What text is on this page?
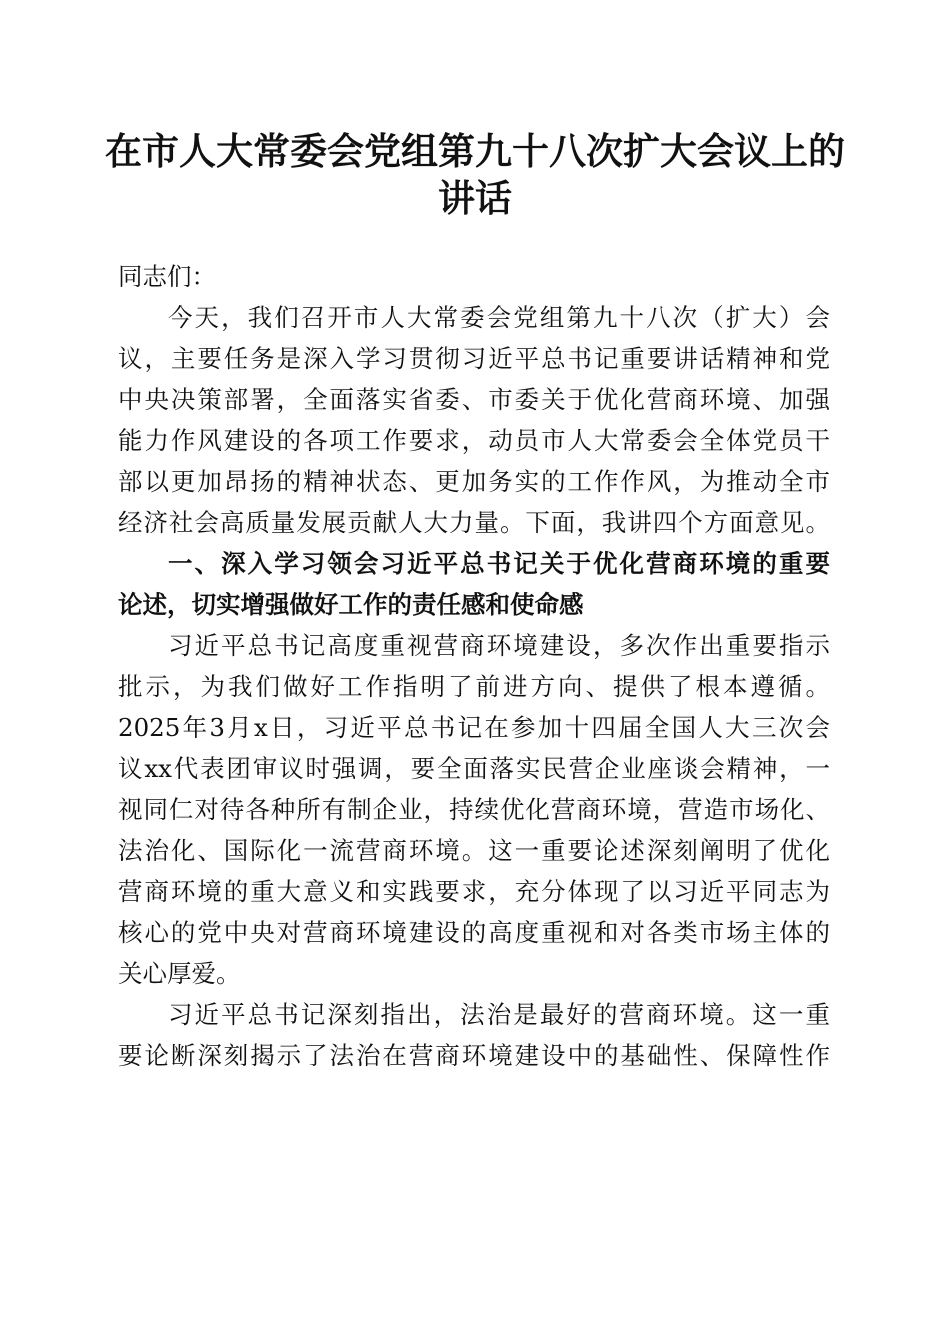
在市人大常委会党组第九十八次扩大会议上的
讲话
同志们：
今天，我们召开市人大常委会党组第九十八次（扩大）会
议，主要任务是深入学习贯彻习近平总书记重要讲话精神和党
中央决策部署，全面落实省委、市委关于优化营商环境、加强
能力作风建设的各项工作要求，动员市人大常委会全体党员干
部以更加昂扬的精神状态、更加务实的工作作风，为推动全市
经济社会高质量发展贡献人大力量。下面，我讲四个方面意见。
一、深入学习领会习近平总书记关于优化营商环境的重要
论述，切实增强做好工作的责任感和使命感
习近平总书记高度重视营商环境建设，多次作出重要指示
批示，为我们做好工作指明了前进方向、提供了根本遵循。
2025年3月x日，习近平总书记在参加十四届全国人大三次会
议xx代表团审议时强调，要全面落实民营企业座谈会精神，一
视同仁对待各种所有制企业，持续优化营商环境，营造市场化、
法治化、国际化一流营商环境。这一重要论述深刻阐明了优化
营商环境的重大意义和实践要求，充分体现了以习近平同志为
核心的党中央对营商环境建设的高度重视和对各类市场主体的
关心厚爱。
习近平总书记深刻指出，法治是最好的营商环境。这一重
要论断深刻揭示了法治在营商环境建设中的基础性、保障性作
